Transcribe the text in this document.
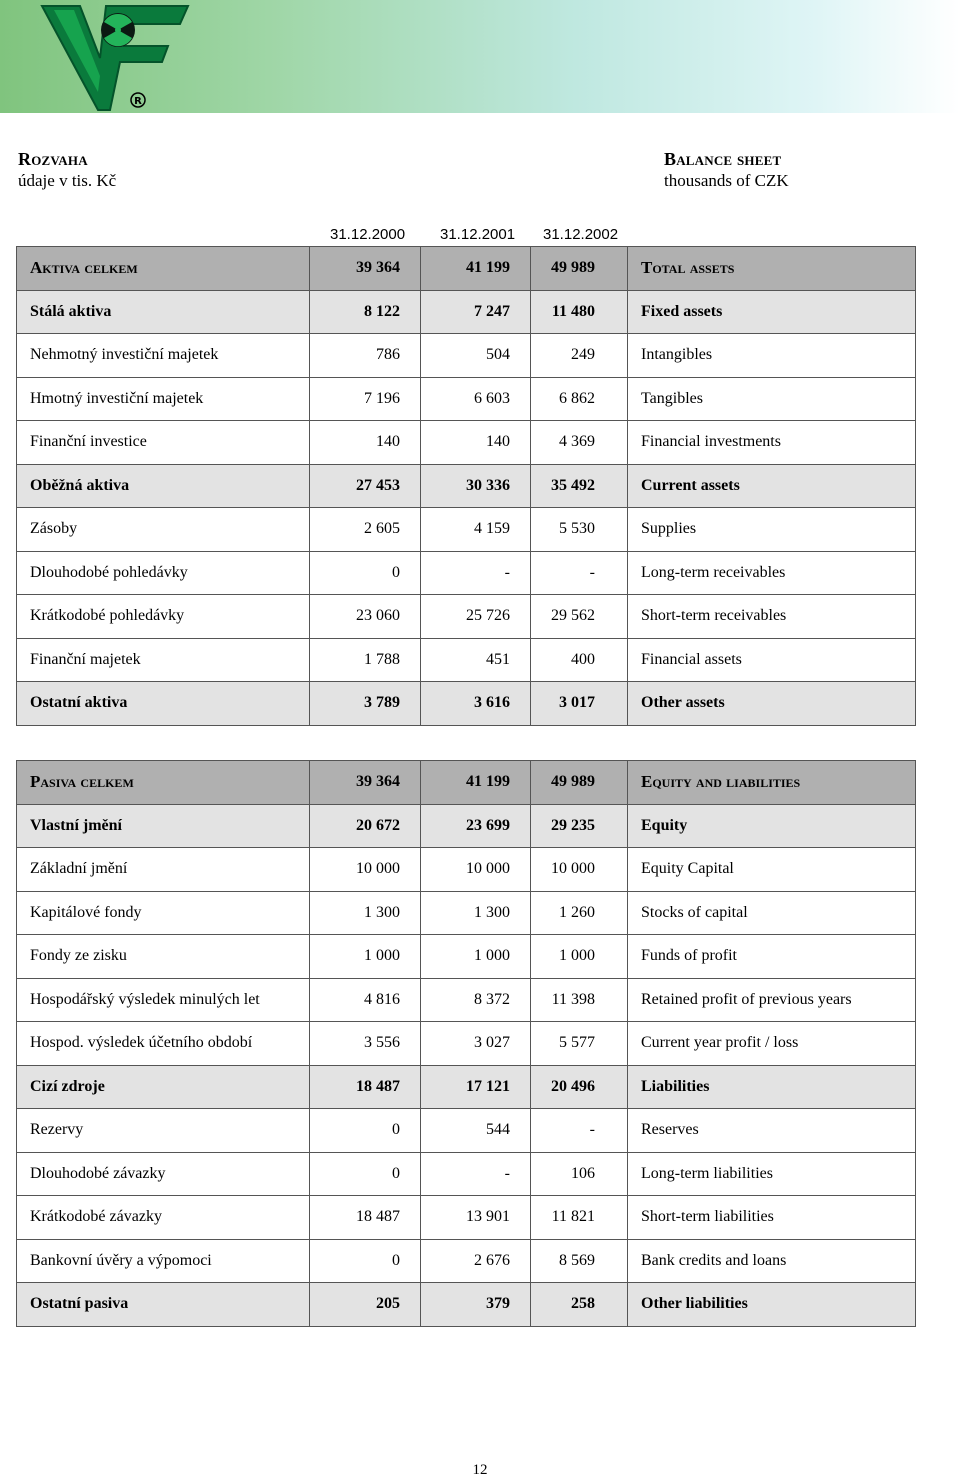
R
Rozvaha
údaje v tis. Kč
Balance sheet
thousands of CZK
31.12.2000 31.12.2001 31.12.2002
Aktiva celkem	39 364	41 199	49 989	Total assets
Stálá aktiva	8 122	7 247	11 480	Fixed assets
Nehmotný investiční majetek	786	504	249	Intangibles
Hmotný investiční majetek	7 196	6 603	6 862	Tangibles
Finanční investice	140	140	4 369	Financial investments
Oběžná aktiva	27 453	30 336	35 492	Current assets
Zásoby	2 605	4 159	5 530	Supplies
Dlouhodobé pohledávky	0	-	-	Long-term receivables
Krátkodobé pohledávky	23 060	25 726	29 562	Short-term receivables
Finanční majetek	1 788	451	400	Financial assets
Ostatní aktiva	3 789	3 616	3 017	Other assets
Pasiva celkem	39 364	41 199	49 989	Equity and liabilities
Vlastní jmění	20 672	23 699	29 235	Equity
Základní jmění	10 000	10 000	10 000	Equity Capital
Kapitálové fondy	1 300	1 300	1 260	Stocks of capital
Fondy ze zisku	1 000	1 000	1 000	Funds of profit
Hospodářský výsledek minulých let	4 816	8 372	11 398	Retained profit of previous years
Hospod. výsledek účetního období	3 556	3 027	5 577	Current year profit / loss
Cizí zdroje	18 487	17 121	20 496	Liabilities
Rezervy	0	544	-	Reserves
Dlouhodobé závazky	0	-	106	Long-term liabilities
Krátkodobé závazky	18 487	13 901	11 821	Short-term liabilities
Bankovní úvěry a výpomoci	0	2 676	8 569	Bank credits and loans
Ostatní pasiva	205	379	258	Other liabilities
12
